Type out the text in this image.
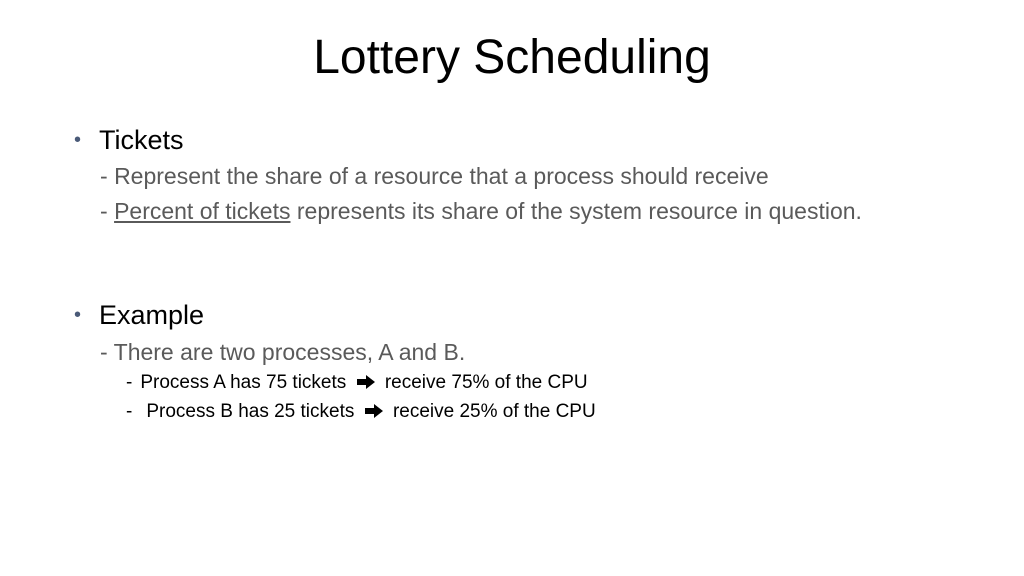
Lottery Scheduling
• Tickets
- Represent the share of a resource that a process should receive
- Percent of tickets represents its share of the system resource in question.
• Example
- There are two processes, A and B.
- Process A has 75 tickets receive 75% of the CPU
- Process B has 25 tickets receive 25% of the CPU
